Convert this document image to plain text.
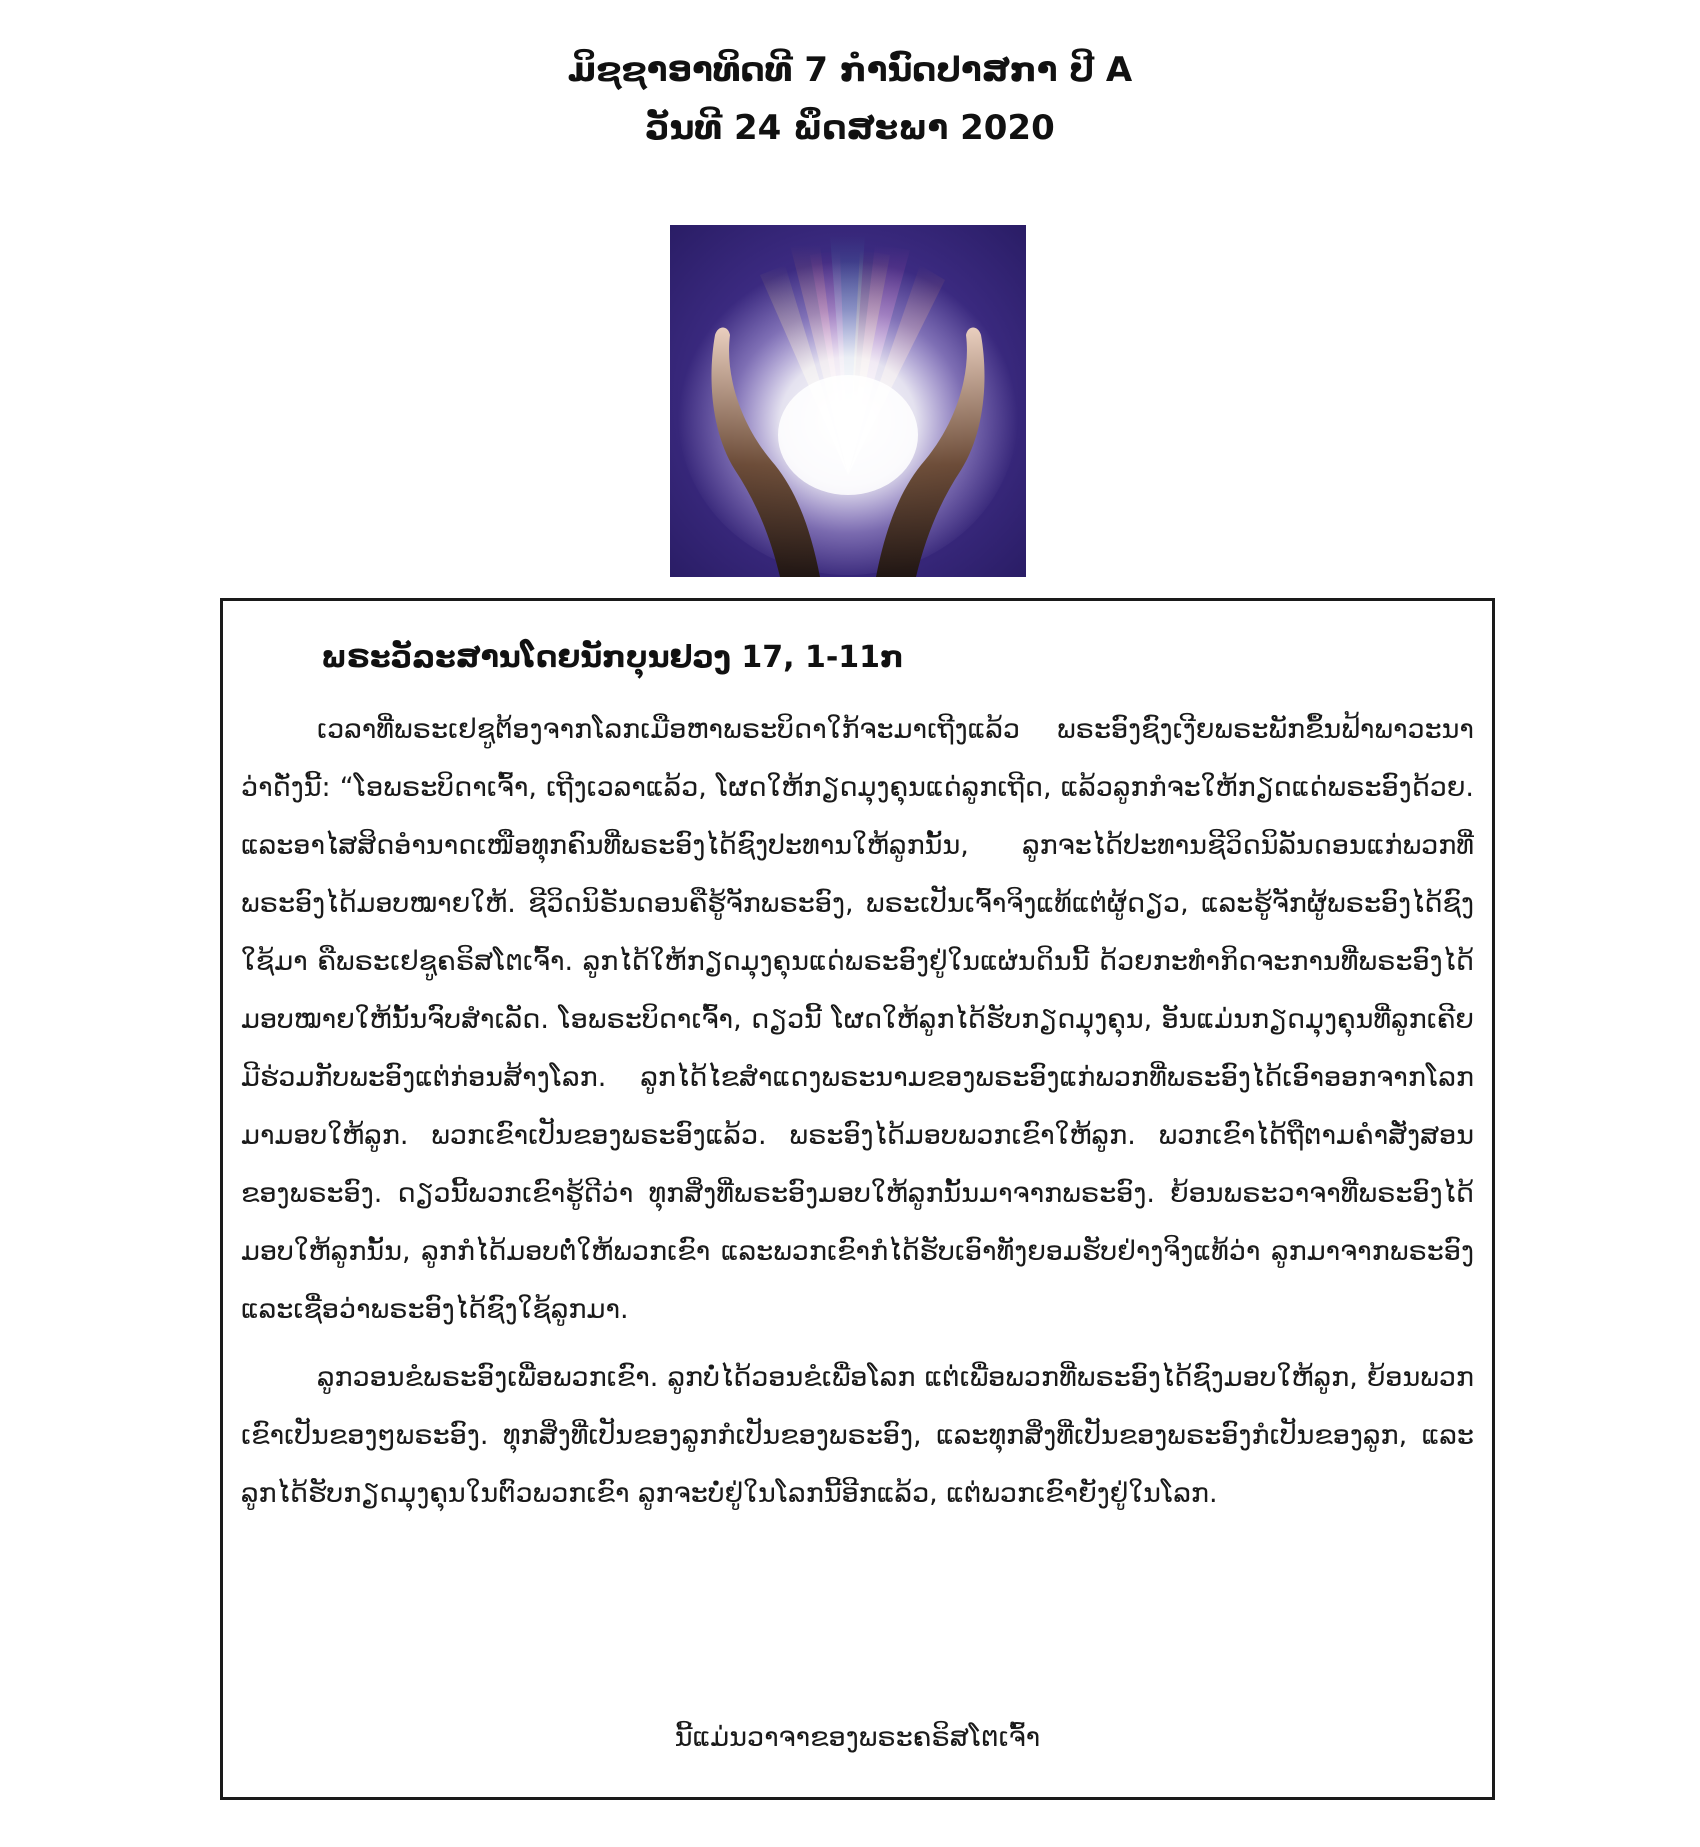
ມິຊຊາອາທິດທີ 7 ກຳນົດປາສກາ ປີ A
ວັນທີ 24 ພຶດສະພາ 2020
ພຣະວັລະສານໂດຍນັກບຸນຢວງ 17, 1-11ກ

ເວລາທີ່ພຣະເຢຊູຕ້ອງຈາກໂລກເມືອຫາພຣະບິດາໃກ້ຈະມາເຖີງແລ້ວ ພຣະອົງຊົງເງີຍພຣະພັກຂຶ້ນຟ້າພາວະນາວ່າດັ່ງນີ້: “ໂອພຣະບິດາເຈົ້າ, ເຖີງເວລາແລ້ວ, ໂຜດໃຫ້ກຽດມຸງຄຸນແດ່ລູກເຖີດ, ແລ້ວລູກກໍຈະໃຫ້ກຽດແດ່ພຣະອົງດ້ວຍ. ແລະອາໄສສິດອຳນາດເໜືອທຸກຄົນທີ່ພຣະອົງໄດ້ຊົງປະທານໃຫ້ລູກນັ້ນ, ລູກຈະໄດ້ປະທານຊີວິດນິລັນດອນແກ່ພວກທີ່ພຣະອົງໄດ້ມອບໝາຍໃຫ້. ຊີວິດນິຣັນດອນຄືຮູ້ຈັກພຣະອົງ, ພຣະເປັນເຈົ້າຈິງແທ້ແຕ່ຜູ້ດຽວ, ແລະຮູ້ຈັກຜູ້ພຣະອົງໄດ້ຊົງໃຊ້ມາ ຄືພຣະເຢຊູຄຣິສໂຕເຈົ້າ. ລູກໄດ້ໃຫ້ກຽດມຸງຄຸນແດ່ພຣະອົງຢູ່ໃນແຜ່ນດິນນີ້ ດ້ວຍກະທຳກິດຈະການທີ່ພຣະອົງໄດ້ມອບໝາຍໃຫ້ນັ້ນຈົບສຳເລັດ. ໂອພຣະບິດາເຈົ້າ, ດຽວນີ້ ໂຜດໃຫ້ລູກໄດ້ຮັບກຽດມຸງຄຸນ, ອັນແມ່ນກຽດມຸງຄຸນທີ່ລູກເຄີຍມີຮ່ວມກັບພະອົງແຕ່ກ່ອນສ້າງໂລກ. ລູກໄດ້ໄຂສຳແດງພຣະນາມຂອງພຣະອົງແກ່ພວກທີ່ພຣະອົງໄດ້ເອົາອອກຈາກໂລກມາມອບໃຫ້ລູກ. ພວກເຂົາເປັນຂອງພຣະອົງແລ້ວ. ພຣະອົງໄດ້ມອບພວກເຂົາໃຫ້ລູກ. ພວກເຂົາໄດ້ຖືຕາມຄຳສັ່ງສອນຂອງພຣະອົງ. ດຽວນີ້ພວກເຂົາຮູ້ດີວ່າ ທຸກສິ່ງທີ່ພຣະອົງມອບໃຫ້ລູກນັ້ນມາຈາກພຣະອົງ. ຍ້ອນພຣະວາຈາທີ່ພຣະອົງໄດ້ມອບໃຫ້ລູກນັ້ນ, ລູກກໍໄດ້ມອບຕໍ່ໃຫ້ພວກເຂົາ ແລະພວກເຂົາກໍໄດ້ຮັບເອົາທັງຍອມຮັບຢ່າງຈິງແທ້ວ່າ ລູກມາຈາກພຣະອົງ ແລະເຊື່ອວ່າພຣະອົງໄດ້ຊົງໃຊ້ລູກມາ.

ລູກວອນຂໍພຣະອົງເພື່ອພວກເຂົາ. ລູກບໍ່ໄດ້ວອນຂໍເພື່ອໂລກ ແຕ່ເພື່ອພວກທີ່ພຣະອົງໄດ້ຊົງມອບໃຫ້ລູກ, ຍ້ອນພວກເຂົາເປັນຂອງໆພຣະອົງ. ທຸກສິ່ງທີ່ເປັນຂອງລູກກໍເປັນຂອງພຣະອົງ, ແລະທຸກສິ່ງທີ່ເປັນຂອງພຣະອົງກໍເປັນຂອງລູກ, ແລະລູກໄດ້ຮັບກຽດມຸງຄຸນໃນຕົວພວກເຂົາ ລູກຈະບໍ່ຢູ່ໃນໂລກນີ້ອີກແລ້ວ, ແຕ່ພວກເຂົາຍັງຢູ່ໃນໂລກ.

ນີ້ແມ່ນວາຈາຂອງພຣະຄຣິສໂຕເຈົ້າ
